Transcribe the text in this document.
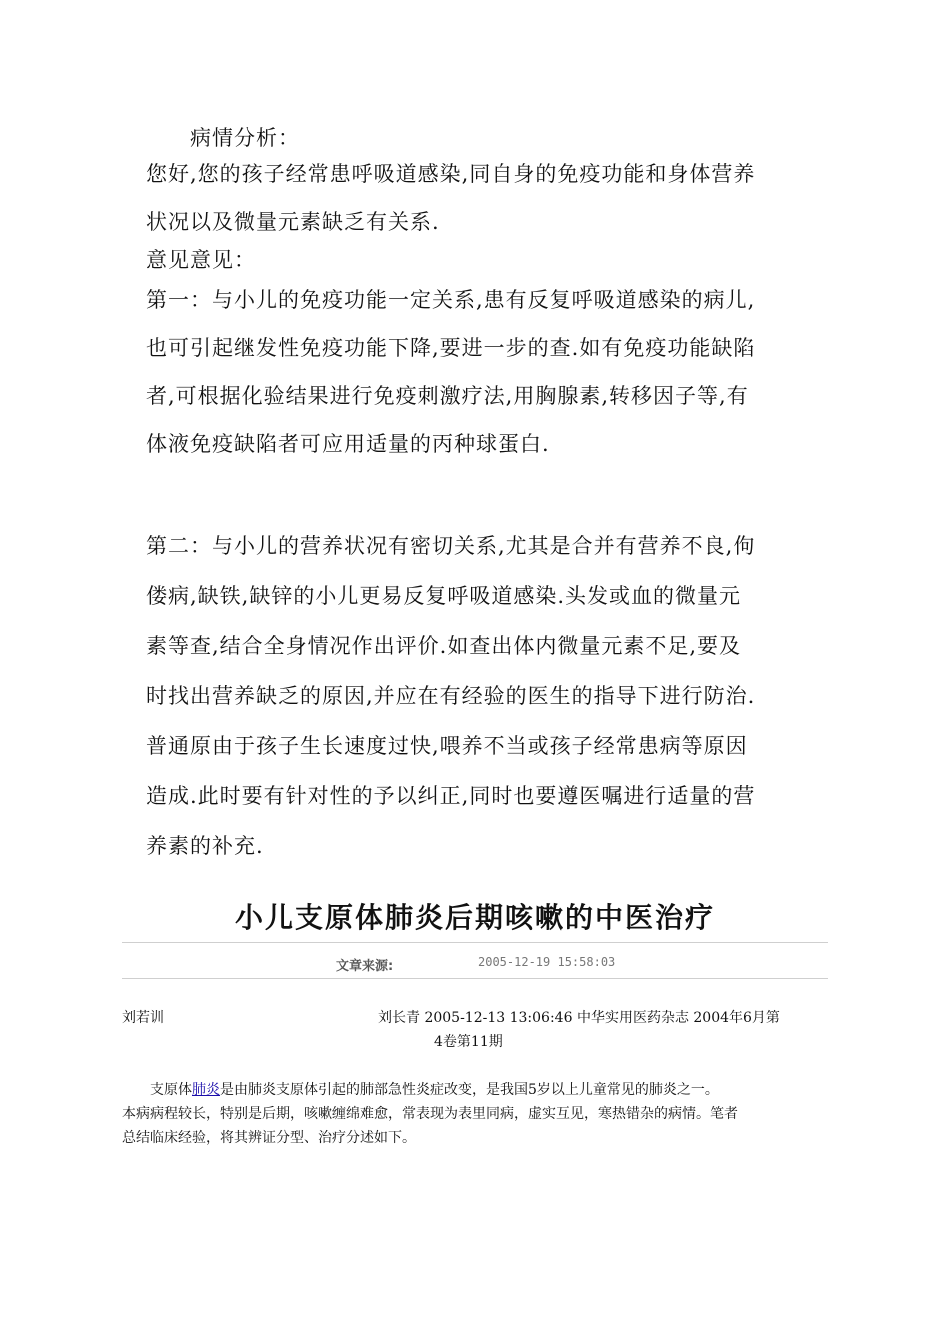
　　病情分析：
您好,您的孩子经常患呼吸道感染,同自身的免疫功能和身体营养
状况以及微量元素缺乏有关系.
意见意见：
第一：与小儿的免疫功能一定关系,患有反复呼吸道感染的病儿,
也可引起继发性免疫功能下降,要进一步的查.如有免疫功能缺陷
者,可根据化验结果进行免疫刺激疗法,用胸腺素,转移因子等,有
体液免疫缺陷者可应用适量的丙种球蛋白.
第二：与小儿的营养状况有密切关系,尤其是合并有营养不良,佝
偻病,缺铁,缺锌的小儿更易反复呼吸道感染.头发或血的微量元
素等查,结合全身情况作出评价.如查出体内微量元素不足,要及
时找出营养缺乏的原因,并应在有经验的医生的指导下进行防治.
普通原由于孩子生长速度过快,喂养不当或孩子经常患病等原因
造成.此时要有针对性的予以纠正,同时也要遵医嘱进行适量的营
养素的补充.
小儿支原体肺炎后期咳嗽的中医治疗
文章来源:	2005-12-19 15:58:03
刘若训	刘长青 2005-12-13 13:06:46 中华实用医药杂志 2004年6月第
4卷第11期
支原体肺炎是由肺炎支原体引起的肺部急性炎症改变，是我国5岁以上儿童常见的肺炎之一。
本病病程较长，特别是后期，咳嗽缠绵难愈，常表现为表里同病，虚实互见，寒热错杂的病情。笔者
总结临床经验，将其辨证分型、治疗分述如下。
